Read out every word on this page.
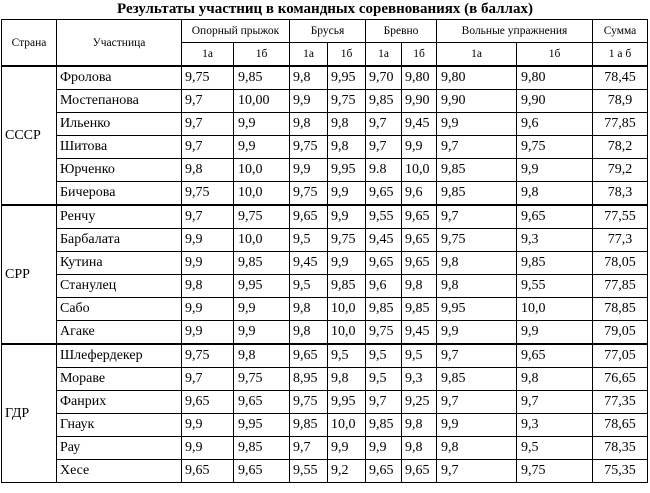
Результаты участниц в командных соревнованиях (в баллах)
Страна	Участница	Опорный прыжок		Брусья		Бревно		Вольные упражнения		Сумма
		1а	1б	1а	1б	1а	1б	1а	1б	1 а б
СССР	Фролова	9,75	9,85	9,8	9,95	9,70	9,80	9,80	9,80	78,45
	Мостепанова	9,7	10,00	9,9	9,75	9,85	9,90	9,90	9,90	78,9
	Ильенко	9,7	9,9	9,8	9,8	9,7	9,45	9,9	9,6	77,85
	Шитова	9,7	9,9	9,75	9,8	9,7	9,9	9,7	9,75	78,2
	Юрченко	9,8	10,0	9,9	9,95	9.8	10,0	9,85	9,9	79,2
	Бичерова	9,75	10,0	9,75	9,9	9,65	9,6	9,85	9,8	78,3
СРР	Ренчу	9,7	9,75	9,65	9,9	9,55	9,65	9,7	9,65	77,55
	Барбалата	9,9	10,0	9,5	9,75	9,45	9,65	9,75	9,3	77,3
	Кутина	9,9	9,85	9,45	9,9	9,65	9,65	9,8	9,85	78,05
	Станулец	9,8	9,95	9,5	9,85	9,6	9,8	9,8	9,55	77,85
	Сабо	9,9	9,9	9,8	10,0	9,85	9,85	9,95	10,0	78,85
	Агаке	9,9	9,9	9,8	10,0	9,75	9,45	9,9	9,9	79,05
ГДР	Шлефердекер	9,75	9,8	9,65	9,5	9,5	9,5	9,7	9,65	77,05
	Мораве	9,7	9,75	8,95	9,8	9,5	9,3	9,85	9,8	76,65
	Фанрих	9,65	9,65	9,75	9,95	9,7	9,25	9,7	9,7	77,35
	Гнаук	9,9	9,95	9,85	10,0	9,85	9,8	9,9	9,3	78,65
	Рау	9,9	9,85	9,7	9,9	9,9	9,8	9,8	9,5	78,35
	Хесе	9,65	9,65	9,55	9,2	9,65	9,65	9,7	9,75	75,35
